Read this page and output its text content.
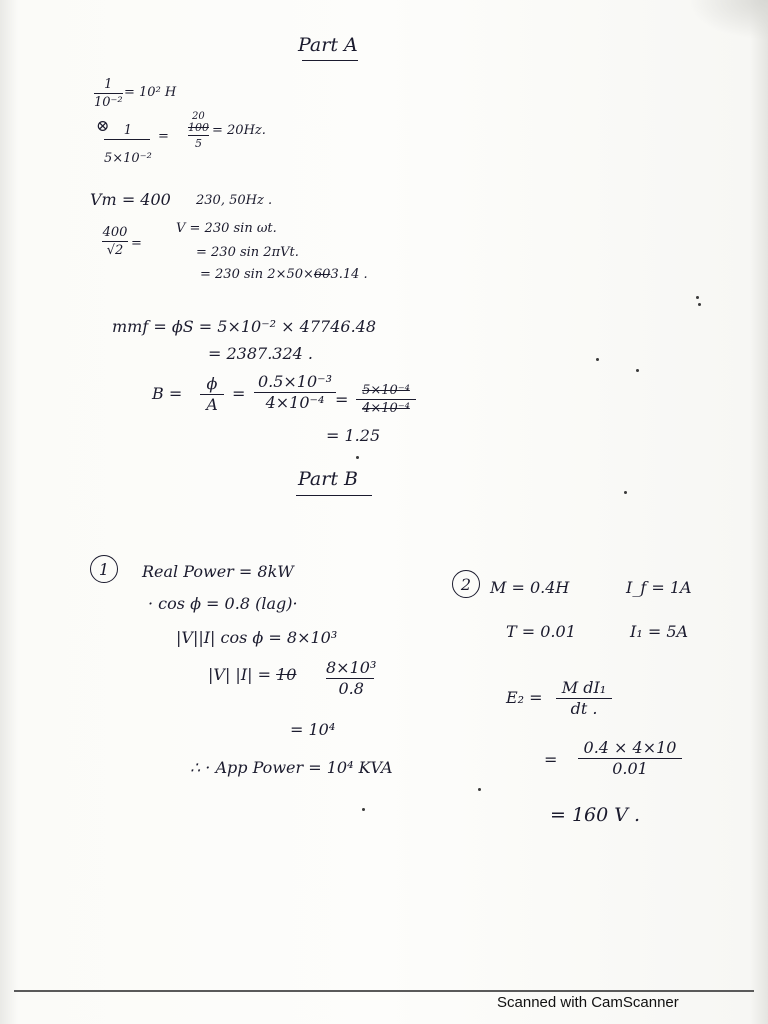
Part A
1
10⁻²
= 10² H
⊗ 1
5×10⁻²
=
20
100
5
= 20Hz.
Vm = 400 230, 50Hz .
400
√2 =
V = 230 sin ωt.
= 230 sin 2πVt.
= 230 sin 2×50×603.14 .
mmf = ϕS = 5×10⁻² × 47746.48
= 2387.324 .
B =
ϕ
A
=
0.5×10⁻³
4×10⁻⁴ = 5×10⁻⁴
4×10⁻⁴
= 1.25
Part B
1	Real Power = 8kW
· cos ϕ = 0.8 (lag)·
|V||I| cos ϕ = 8×10³
|V| |I| = 10 8×10³
0.8
= 10⁴
∴ · App Power = 10⁴ KVA
2	M = 0.4H	I_f = 1A
T = 0.01	I₁ = 5A
E₂ =
M dI₁
dt .
=
0.4 × 4×10
0.01
= 160 V .
Scanned with CamScanner
